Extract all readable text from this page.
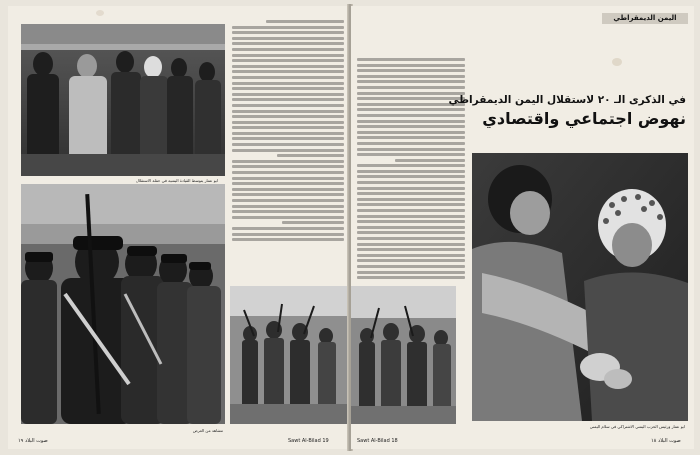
ابو عمار يتوسط القيادة اليمنية في حفلة الاستقلال
مشاهد من العرض
صوت البلاد ١٩	Sawt Al-Bilad 19
ابو عمار ورئيس الحزب اليمني الاشتراكي في سلام اليمني
Sawt Al-Bilad 18	صوت البلاد ١٨
اليمن الديمقراطي
في الذكرى الـ ٢٠ لاستقلال اليمن الديمقراطي
نهوض اجتماعي واقتصادي
